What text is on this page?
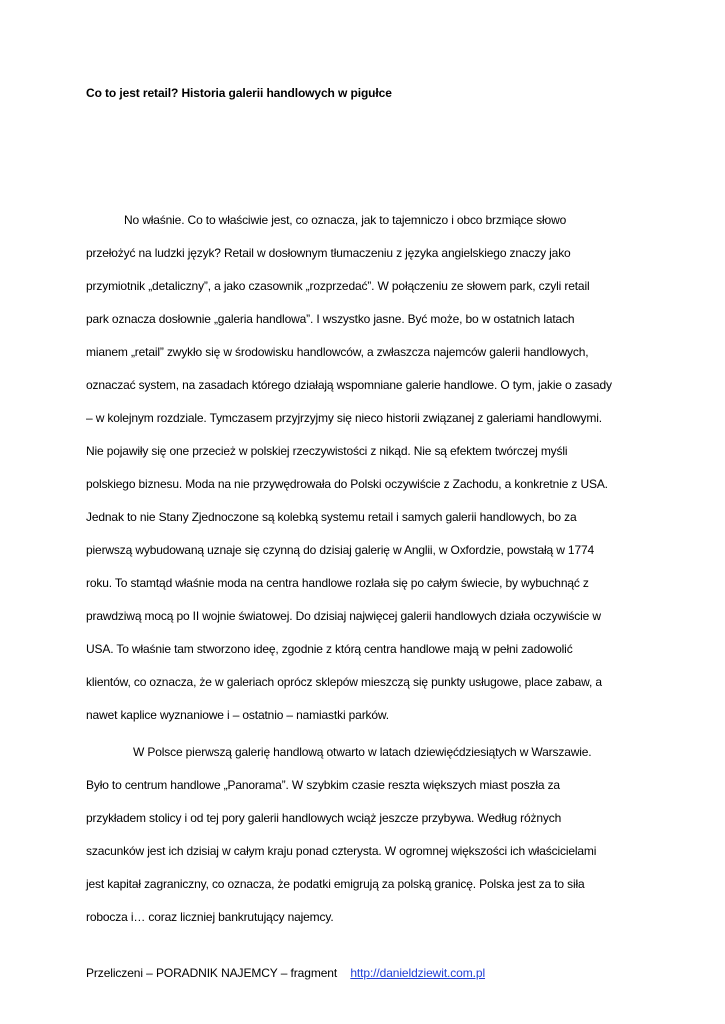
Co to jest retail? Historia galerii handlowych w pigułce
No właśnie. Co to właściwie jest, co oznacza, jak to tajemniczo i obco brzmiące słowo
przełożyć na ludzki język? Retail w dosłownym tłumaczeniu z języka angielskiego znaczy jako
przymiotnik „detaliczny”, a jako czasownik „rozprzedać”. W połączeniu ze słowem park, czyli retail
park oznacza dosłownie „galeria handlowa”. I wszystko jasne. Być może, bo w ostatnich latach
mianem „retail” zwykło się w środowisku handlowców, a zwłaszcza najemców galerii handlowych,
oznaczać system, na zasadach którego działają wspomniane galerie handlowe. O tym, jakie o zasady
– w kolejnym rozdziale. Tymczasem przyjrzyjmy się nieco historii związanej z galeriami handlowymi.
Nie pojawiły się one przecież w polskiej rzeczywistości z nikąd. Nie są efektem twórczej myśli
polskiego biznesu. Moda na nie przywędrowała do Polski oczywiście z Zachodu, a konkretnie z USA.
Jednak to nie Stany Zjednoczone są kolebką systemu retail i samych galerii handlowych, bo za
pierwszą wybudowaną uznaje się czynną do dzisiaj galerię w Anglii, w Oxfordzie, powstałą w 1774
roku. To stamtąd właśnie moda na centra handlowe rozlała się po całym świecie, by wybuchnąć z
prawdziwą mocą po II wojnie światowej. Do dzisiaj najwięcej galerii handlowych działa oczywiście w
USA. To właśnie tam stworzono ideę, zgodnie z którą centra handlowe mają w pełni zadowolić
klientów, co oznacza, że w galeriach oprócz sklepów mieszczą się punkty usługowe, place zabaw, a
nawet kaplice wyznaniowe i – ostatnio – namiastki parków.
W Polsce pierwszą galerię handlową otwarto w latach dziewięćdziesiątych w Warszawie.
Było to centrum handlowe „Panorama”. W szybkim czasie reszta większych miast poszła za
przykładem stolicy i od tej pory galerii handlowych wciąż jeszcze przybywa. Według różnych
szacunków jest ich dzisiaj w całym kraju ponad czterysta. W ogromnej większości ich właścicielami
jest kapitał zagraniczny, co oznacza, że podatki emigrują za polską granicę. Polska jest za to siła
robocza i… coraz liczniej bankrutujący najemcy.
Przeliczeni – PORADNIK NAJEMCY – fragment http://danieldziewit.com.pl
